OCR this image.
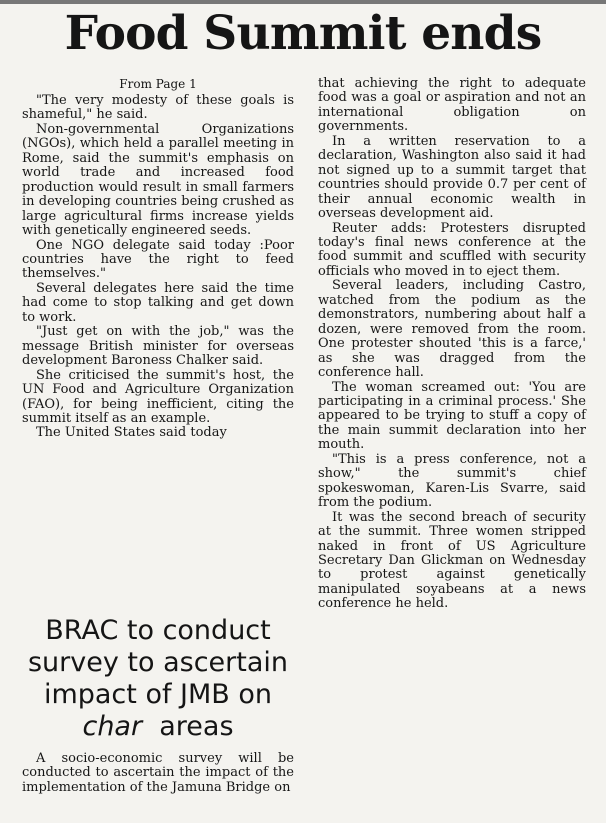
Food Summit ends
From Page 1

"The very modesty of these goals is shameful," he said.

Non-governmental Organizations (NGOs), which held a parallel meeting in Rome, said the summit's emphasis on world trade and increased food production would result in small farmers in developing countries being crushed as large agricultural firms increase yields with genetically engineered seeds.

One NGO delegate said today :Poor countries have the right to feed themselves."

Several delegates here said the time had come to stop talking and get down to work.

"Just get on with the job," was the message British minister for overseas development Baroness Chalker said.

She criticised the summit's host, the UN Food and Agriculture Organization (FAO), for being inefficient, citing the summit itself as an example.

The United States said today

that achieving the right to adequate food was a goal or aspiration and not an international obligation on governments.

In a written reservation to a declaration, Washington also said it had not signed up to a summit target that countries should provide 0.7 per cent of their annual economic wealth in overseas development aid.

Reuter adds: Protesters disrupted today's final news conference at the food summit and scuffled with security officials who moved in to eject them.

Several leaders, including Castro, watched from the podium as the demonstrators, numbering about half a dozen, were removed from the room. One protester shouted 'this is a farce,' as she was dragged from the conference hall.

The woman screamed out: 'You are participating in a criminal process.' She appeared to be trying to stuff a copy of the main summit declaration into her mouth.

"This is a press conference, not a show," the summit's chief spokeswoman, Karen-Lis Svarre, said from the podium.

It was the second breach of security at the summit. Three women stripped naked in front of US Agriculture Secretary Dan Glickman on Wednesday to protest against genetically manipulated soyabeans at a news conference he held.

BRAC to conduct survey to ascertain impact of JMB on char areas

A socio-economic survey will be conducted to ascertain the impact of the implementation of the Jamuna Bridge on
